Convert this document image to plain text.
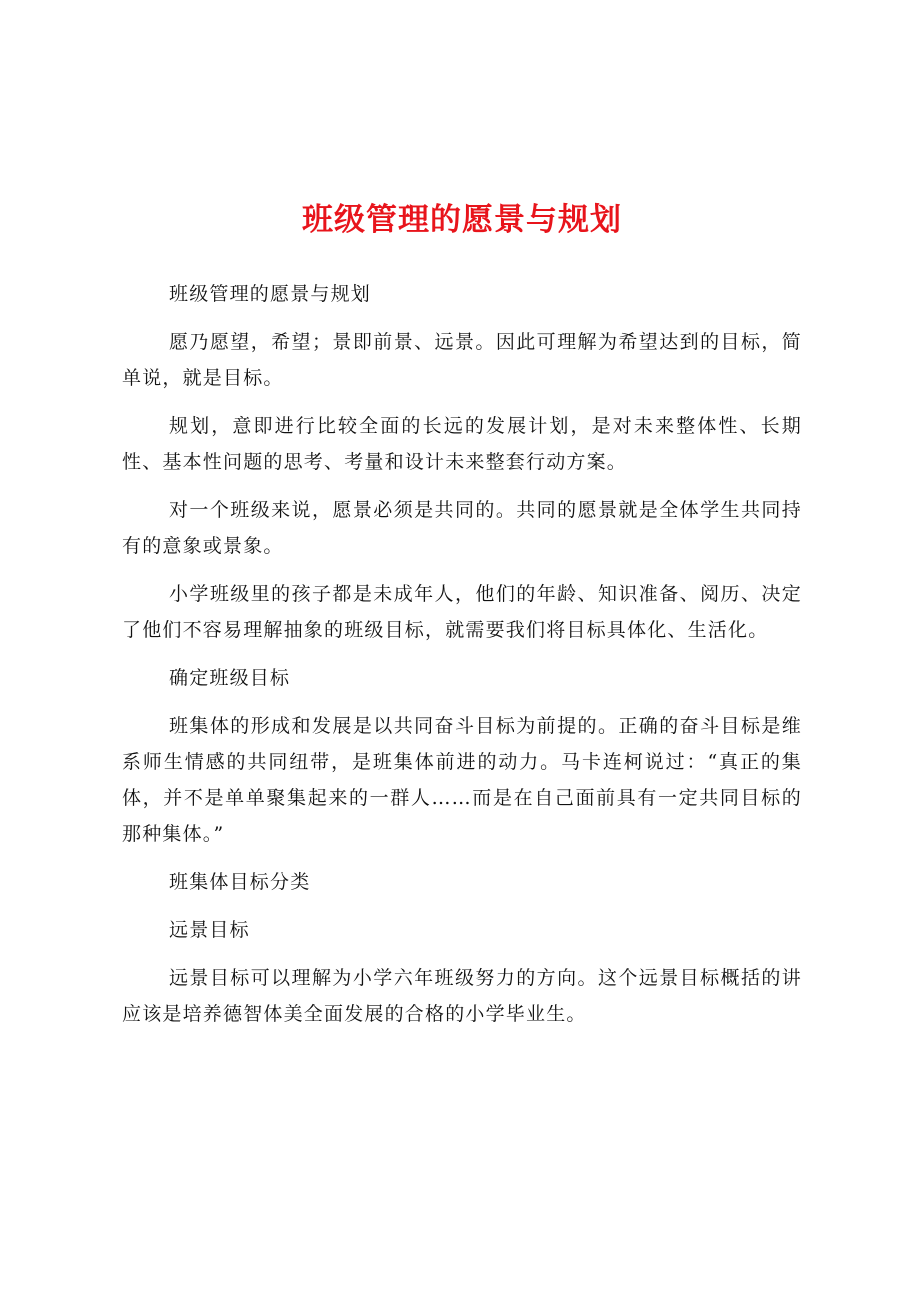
班级管理的愿景与规划

班级管理的愿景与规划

愿乃愿望，希望；景即前景、远景。因此可理解为希望达到的目标，简单说，就是目标。

规划，意即进行比较全面的长远的发展计划，是对未来整体性、长期性、基本性问题的思考、考量和设计未来整套行动方案。

对一个班级来说，愿景必须是共同的。共同的愿景就是全体学生共同持有的意象或景象。

小学班级里的孩子都是未成年人，他们的年龄、知识准备、阅历、决定了他们不容易理解抽象的班级目标，就需要我们将目标具体化、生活化。

确定班级目标

班集体的形成和发展是以共同奋斗目标为前提的。正确的奋斗目标是维系师生情感的共同纽带，是班集体前进的动力。马卡连柯说过：“真正的集体，并不是单单聚集起来的一群人……而是在自己面前具有一定共同目标的那种集体。”

班集体目标分类

远景目标

远景目标可以理解为小学六年班级努力的方向。这个远景目标概括的讲应该是培养德智体美全面发展的合格的小学毕业生。
